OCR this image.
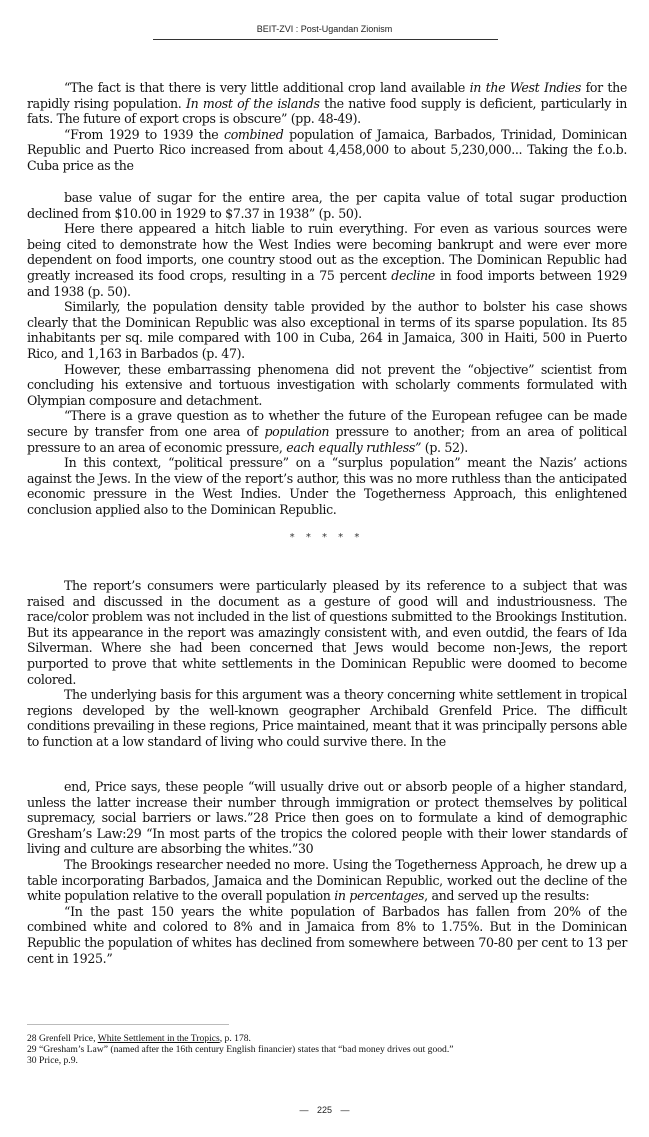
BEIT-ZVI : Post-Ugandan Zionism

“The fact is that there is very little additional crop land available in the West Indies for the rapidly rising population. In most of the islands the native food supply is deficient, particularly in fats. The future of export crops is obscure” (pp. 48-49).

“From 1929 to 1939 the combined population of Jamaica, Barbados, Trinidad, Dominican Republic and Puerto Rico increased from about 4,458,000 to about 5,230,000... Taking the f.o.b. Cuba price as the

base value of sugar for the entire area, the per capita value of total sugar production declined from $10.00 in 1929 to $7.37 in 1938” (p. 50).

Here there appeared a hitch liable to ruin everything. For even as various sources were being cited to demonstrate how the West Indies were becoming bankrupt and were ever more dependent on food imports, one country stood out as the exception. The Dominican Republic had greatly increased its food crops, resulting in a 75 percent decline in food imports between 1929 and 1938 (p. 50).

Similarly, the population density table provided by the author to bolster his case shows clearly that the Dominican Republic was also exceptional in terms of its sparse population. Its 85 inhabitants per sq. mile compared with 100 in Cuba, 264 in Jamaica, 300 in Haiti, 500 in Puerto Rico, and 1,163 in Barbados (p. 47).

However, these embarrassing phenomena did not prevent the “objective” scientist from concluding his extensive and tortuous investigation with scholarly comments formulated with Olympian composure and detachment.

“There is a grave question as to whether the future of the European refugee can be made secure by transfer from one area of population pressure to another; from an area of political pressure to an area of economic pressure, each equally ruthless” (p. 52).

In this context, “political pressure” on a “surplus population” meant the Nazis’ actions against the Jews. In the view of the report’s author, this was no more ruthless than the anticipated economic pressure in the West Indies. Under the Togetherness Approach, this enlightened conclusion applied also to the Dominican Republic.

* * * * *

The report’s consumers were particularly pleased by its reference to a subject that was raised and discussed in the document as a gesture of good will and industriousness. The race/color problem was not included in the list of questions submitted to the Brookings Institution. But its appearance in the report was amazingly consistent with, and even outdid, the fears of Ida Silverman. Where she had been concerned that Jews would become non-Jews, the report purported to prove that white settlements in the Dominican Republic were doomed to become colored.

The underlying basis for this argument was a theory concerning white settlement in tropical regions developed by the well-known geographer Archibald Grenfeld Price. The difficult conditions prevailing in these regions, Price maintained, meant that it was principally persons able to function at a low standard of living who could survive there. In the

end, Price says, these people “will usually drive out or absorb people of a higher standard, unless the latter increase their number through immigration or protect themselves by political supremacy, social barriers or laws.”28 Price then goes on to formulate a kind of demographic Gresham’s Law:29 “In most parts of the tropics the colored people with their lower standards of living and culture are absorbing the whites.”30

The Brookings researcher needed no more. Using the Togetherness Approach, he drew up a table incorporating Barbados, Jamaica and the Dominican Republic, worked out the decline of the white population relative to the overall population in percentages, and served up the results:

“In the past 150 years the white population of Barbados has fallen from 20% of the combined white and colored to 8% and in Jamaica from 8% to 1.75%. But in the Dominican Republic the population of whites has declined from somewhere between 70-80 per cent to 13 per cent in 1925.”

28 Grenfell Price, White Settlement in the Tropics, p. 178.
29 “Gresham’s Law” (named after the 16th century English financier) states that “bad money drives out good.”
30 Price, p.9.
— 225 —
